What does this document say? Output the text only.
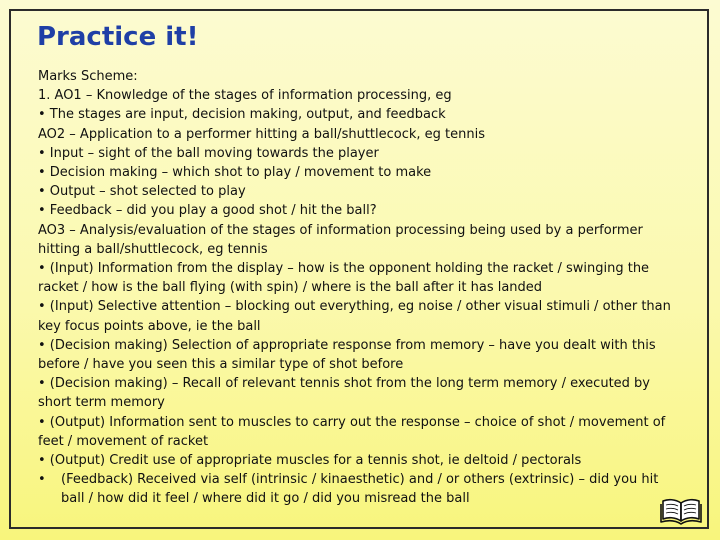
Practice it!
Marks Scheme:
1. AO1 – Knowledge of the stages of information processing, eg
• The stages are input, decision making, output, and feedback
AO2 – Application to a performer hitting a ball/shuttlecock, eg tennis
• Input – sight of the ball moving towards the player
• Decision making – which shot to play / movement to make
• Output – shot selected to play
• Feedback – did you play a good shot / hit the ball?
AO3 – Analysis/evaluation of the stages of information processing being used by a performer
hitting a ball/shuttlecock, eg tennis
• (Input) Information from the display – how is the opponent holding the racket / swinging the
racket / how is the ball flying (with spin) / where is the ball after it has landed
• (Input) Selective attention – blocking out everything, eg noise / other visual stimuli / other than
key focus points above, ie the ball
• (Decision making) Selection of appropriate response from memory – have you dealt with this
before / have you seen this a similar type of shot before
• (Decision making) – Recall of relevant tennis shot from the long term memory / executed by
short term memory
• (Output) Information sent to muscles to carry out the response – choice of shot / movement of
feet / movement of racket
• (Output) Credit use of appropriate muscles for a tennis shot, ie deltoid / pectorals
•	(Feedback) Received via self (intrinsic / kinaesthetic) and / or others (extrinsic) – did you hit
ball / how did it feel / where did it go / did you misread the ball
